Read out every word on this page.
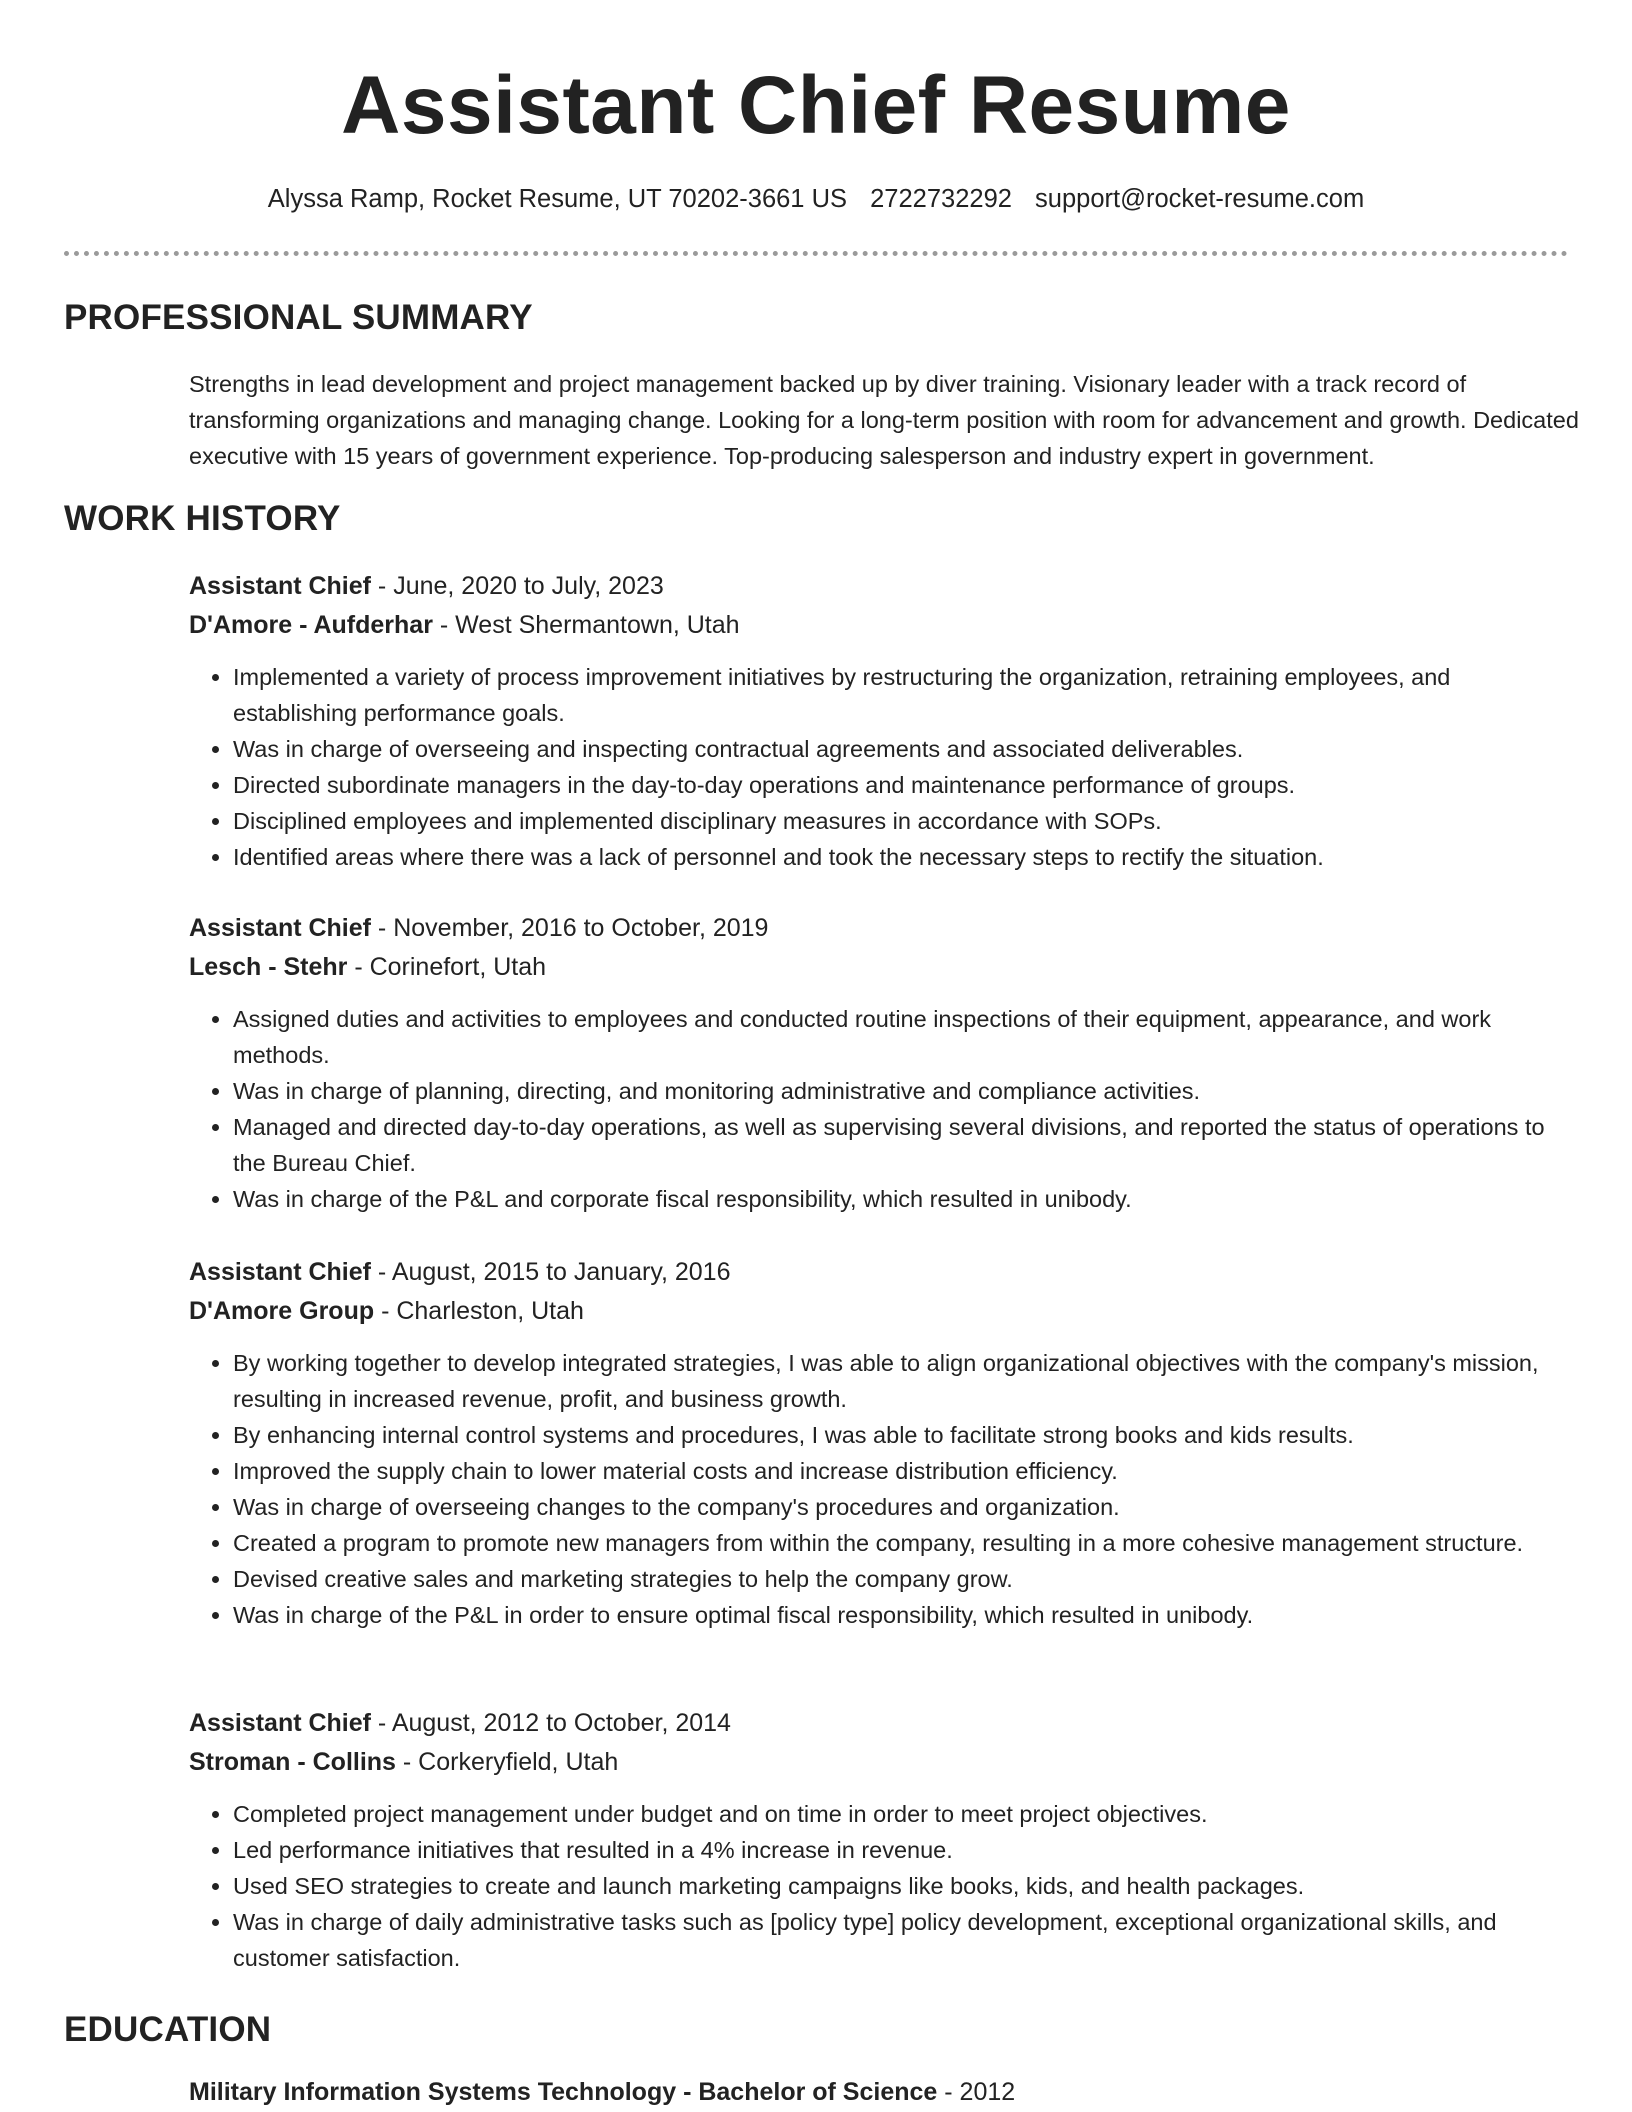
Assistant Chief Resume
Alyssa Ramp, Rocket Resume, UT 70202-3661 US 2722732292 support@rocket-resume.com
PROFESSIONAL SUMMARY
Strengths in lead development and project management backed up by diver training. Visionary leader with a track record of transforming organizations and managing change. Looking for a long-term position with room for advancement and growth. Dedicated executive with 15 years of government experience. Top-producing salesperson and industry expert in government.
WORK HISTORY
Assistant Chief - June, 2020 to July, 2023
D'Amore - Aufderhar - West Shermantown, Utah
• Implemented a variety of process improvement initiatives by restructuring the organization, retraining employees, and establishing performance goals.
• Was in charge of overseeing and inspecting contractual agreements and associated deliverables.
• Directed subordinate managers in the day-to-day operations and maintenance performance of groups.
• Disciplined employees and implemented disciplinary measures in accordance with SOPs.
• Identified areas where there was a lack of personnel and took the necessary steps to rectify the situation.
Assistant Chief - November, 2016 to October, 2019
Lesch - Stehr - Corinefort, Utah
• Assigned duties and activities to employees and conducted routine inspections of their equipment, appearance, and work methods.
• Was in charge of planning, directing, and monitoring administrative and compliance activities.
• Managed and directed day-to-day operations, as well as supervising several divisions, and reported the status of operations to the Bureau Chief.
• Was in charge of the P&L and corporate fiscal responsibility, which resulted in unibody.
Assistant Chief - August, 2015 to January, 2016
D'Amore Group - Charleston, Utah
• By working together to develop integrated strategies, I was able to align organizational objectives with the company's mission, resulting in increased revenue, profit, and business growth.
• By enhancing internal control systems and procedures, I was able to facilitate strong books and kids results.
• Improved the supply chain to lower material costs and increase distribution efficiency.
• Was in charge of overseeing changes to the company's procedures and organization.
• Created a program to promote new managers from within the company, resulting in a more cohesive management structure.
• Devised creative sales and marketing strategies to help the company grow.
• Was in charge of the P&L in order to ensure optimal fiscal responsibility, which resulted in unibody.
Assistant Chief - August, 2012 to October, 2014
Stroman - Collins - Corkeryfield, Utah
• Completed project management under budget and on time in order to meet project objectives.
• Led performance initiatives that resulted in a 4% increase in revenue.
• Used SEO strategies to create and launch marketing campaigns like books, kids, and health packages.
• Was in charge of daily administrative tasks such as [policy type] policy development, exceptional organizational skills, and customer satisfaction.
EDUCATION
Military Information Systems Technology - Bachelor of Science - 2012
